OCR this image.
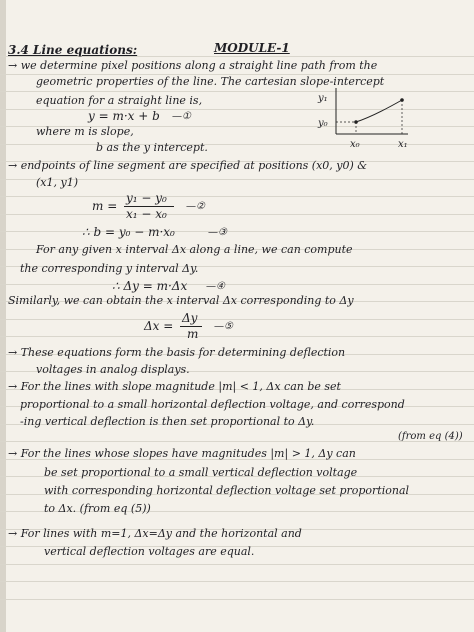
3.4 Line equations:	MODULE-1
→ we determine pixel positions along a straight line path from the
geometric properties of the line. The cartesian slope-intercept
equation for a straight line is,
y = m·x + b —①
where m is slope,
b as the y intercept.
y₁
y₀
x₀	x₁
→ endpoints of line segment are specified at positions (x0, y0) &
(x1, y1)
m =
y₁ − y₀
x₁ − x₀
—②
∴ b = y₀ − m·x₀	—③
For any given x interval Δx along a line, we can compute
the corresponding y interval Δy.
∴ Δy = m·Δx —④
Similarly, we can obtain the x interval Δx corresponding to Δy
Δx =
Δy
m
—⑤
→ These equations form the basis for determining deflection
voltages in analog displays.
→ For the lines with slope magnitude |m| < 1, Δx can be set
proportional to a small horizontal deflection voltage, and correspond
-ing vertical deflection is then set proportional to Δy.
(from eq (4))
→ For the lines whose slopes have magnitudes |m| > 1, Δy can
be set proportional to a small vertical deflection voltage
with corresponding horizontal deflection voltage set proportional
to Δx. (from eq (5))
→ For lines with m=1, Δx=Δy and the horizontal and
vertical deflection voltages are equal.
